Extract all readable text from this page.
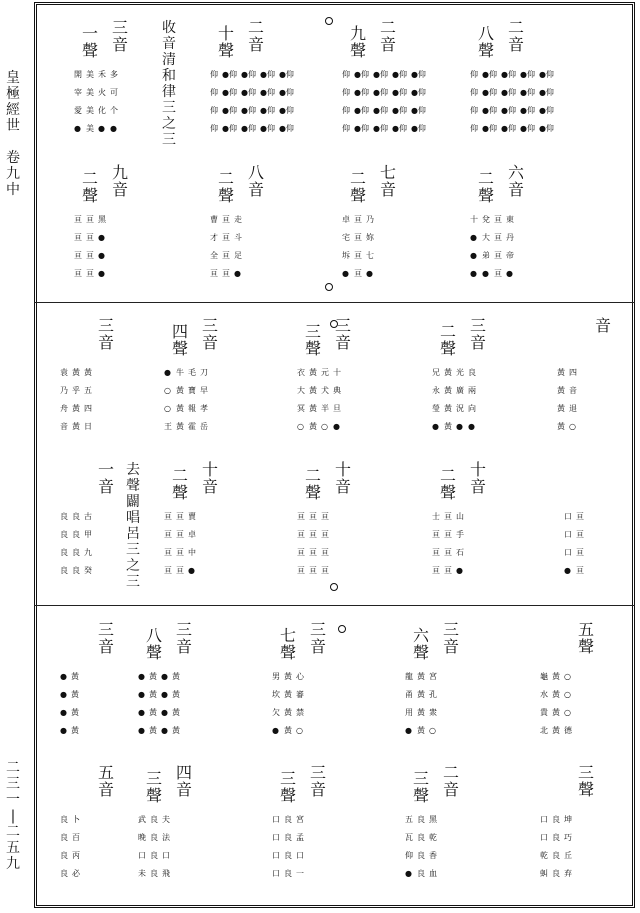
皇
極
經
世

卷
九
中
二
三
一
|
二
五
九
收
音
清
和
律
三
之
三
二
音
十
聲
●仰
●仰
●仰
●仰
●仰
●仰
●仰
●仰
●仰
●仰
●仰
●仰
●仰
●仰
●仰
●仰
仰
仰
仰
仰
二
音
九
聲
●仰
●仰
●仰
●仰
●仰
●仰
●仰
●仰
●仰
●仰
●仰
●仰
●仰
●仰
●仰
●仰
仰
仰
仰
仰
二
音
八
聲
●仰
●仰
●仰
●仰
●仰
●仰
●仰
●仰
●仰
●仰
●仰
●仰
●仰
●仰
●仰
●仰
仰
仰
仰
仰
三
音
一
聲
多
可
个
●
禾
火
化
●
美
美
美
美
開
宰
愛
●
九
音
二
聲
黑
●
●
●
亘
亘
亘
亘
亘
亘
亘
亘
八
音
二
聲
走
斗
足
●
亘
亘
亘
亘
曹
才
全
亘
七
音
二
聲
乃
妳
七
●
亘
亘
亘
亘
卓
宅
坼
●
六
音
二
聲
東
丹
帝
●
亘
亘
亘
亘
兌
大
弟
●
十
●
●
●
三
音
黃
五
四
日
黃
乎
黃
黃
袁
乃
舟
音
三
音
四
聲
刀
早
孝
岳
毛
寶
報
霍
牛
黃
黃
黃
●
○
○
王
三
音
三
聲
十
典
旦
●
元
犬
半
○
黃
黃
黃
黃
衣
大
冥
○
三
音
二
聲
良
兩
向
●
光
廣
況
●
黃
黃
黃
黃
兄
永
瑩
●
音
四
音
退
○
黃
黃
黃
黃
去
聲
闢
唱
呂
三
之
三
一
音
古
甲
九
癸
良
良
良
良
良
良
良
良
十
音
二
聲
賣
卓
中
●
亘
亘
亘
亘
亘
亘
亘
亘
十
音
二
聲
亘
亘
亘
亘
亘
亘
亘
亘
亘
亘
亘
亘
十
音
二
聲
山
手
石
●
亘
亘
亘
亘
士
亘
亘
亘
亘
亘
亘
亘
口
口
口
●
三
音
黃
黃
黃
黃
●
●
●
●
三
音
八
聲
黃
黃
黃
黃
●
●
●
●
黃
黃
黃
黃
●
●
●
●
三
音
七
聲
心
審
禁
○
黃
黃
黃
黃
男
坎
欠
●
三
音
六
聲
宮
孔
衆
○
黃
黃
黃
黃
龍
甬
用
●
五
聲
○
○
○
德
黃
黃
黃
黃
龜
水
貴
北
五
音
卜
百
丙
必
良
良
良
良
四
音
三
聲
夫
法
口
飛
良
良
良
良
武
晚
口
未
三
音
三
聲
宮
孟
口
一
良
良
良
良
口
口
口
口
二
音
三
聲
黑
乾
香
血
良
良
良
良
五
瓦
仰
●
三
聲
坤
巧
丘
弃
良
良
良
良
口
口
乾
虯
